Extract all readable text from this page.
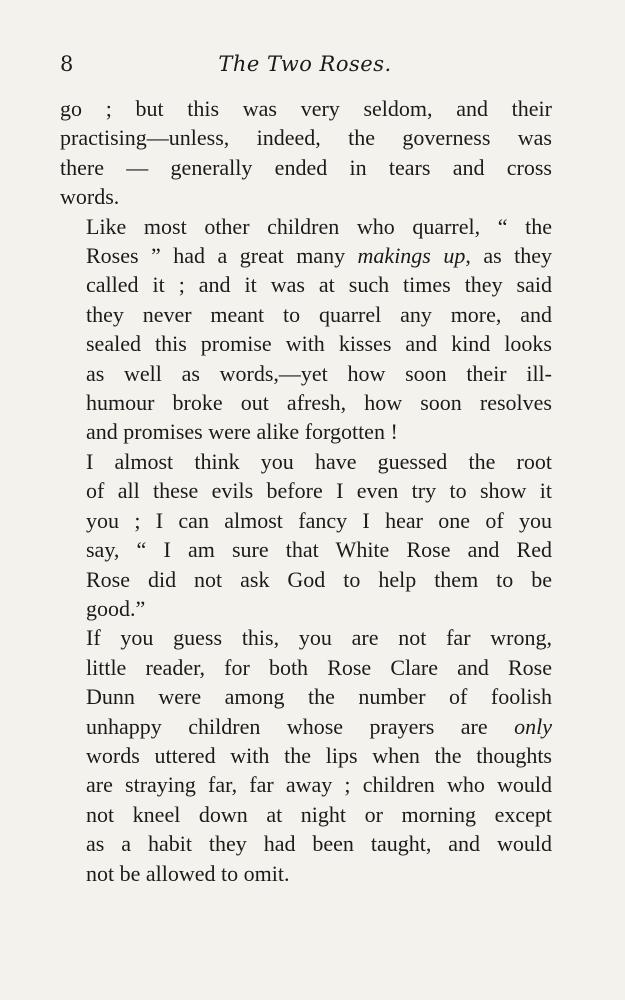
8	The Two Roses.
go ; but this was very seldom, and their
practising—unless, indeed, the governess was
there — generally ended in tears and cross
words.
Like most other children who quarrel, “ the
Roses ” had a great many makings up, as they
called it ; and it was at such times they said
they never meant to quarrel any more, and
sealed this promise with kisses and kind looks
as well as words,—yet how soon their ill-
humour broke out afresh, how soon resolves
and promises were alike forgotten !
I almost think you have guessed the root
of all these evils before I even try to show it
you ; I can almost fancy I hear one of you
say, “ I am sure that White Rose and Red
Rose did not ask God to help them to be
good.”
If you guess this, you are not far wrong,
little reader, for both Rose Clare and Rose
Dunn were among the number of foolish
unhappy children whose prayers are only
words uttered with the lips when the thoughts
are straying far, far away ; children who would
not kneel down at night or morning except
as a habit they had been taught, and would
not be allowed to omit.
